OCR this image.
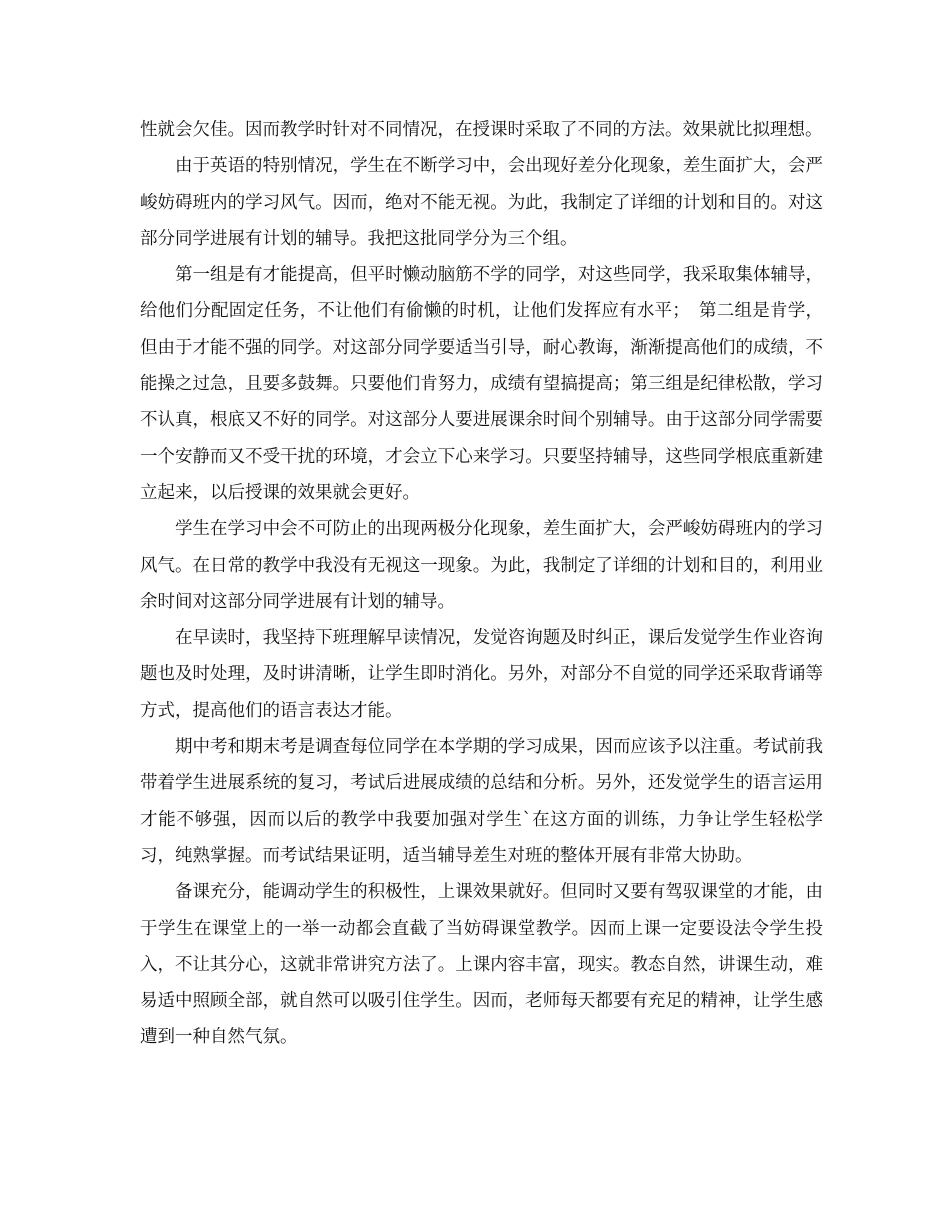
性就会欠佳。因而教学时针对不同情况，在授课时采取了不同的方法。效果就比拟理想。

由于英语的特别情况，学生在不断学习中，会出现好差分化现象，差生面扩大，会严峻妨碍班内的学习风气。因而，绝对不能无视。为此，我制定了详细的计划和目的。对这部分同学进展有计划的辅导。我把这批同学分为三个组。

第一组是有才能提高，但平时懒动脑筋不学的同学，对这些同学，我采取集体辅导，给他们分配固定任务，不让他们有偷懒的时机，让他们发挥应有水平；　第二组是肯学，但由于才能不强的同学。对这部分同学要适当引导，耐心教诲，渐渐提高他们的成绩，不能操之过急，且要多鼓舞。只要他们肯努力，成绩有望搞提高；第三组是纪律松散，学习不认真，根底又不好的同学。对这部分人要进展课余时间个别辅导。由于这部分同学需要一个安静而又不受干扰的环境，才会立下心来学习。只要坚持辅导，这些同学根底重新建立起来，以后授课的效果就会更好。

学生在学习中会不可防止的出现两极分化现象，差生面扩大，会严峻妨碍班内的学习风气。在日常的教学中我没有无视这一现象。为此，我制定了详细的计划和目的，利用业余时间对这部分同学进展有计划的辅导。

在早读时，我坚持下班理解早读情况，发觉咨询题及时纠正，课后发觉学生作业咨询题也及时处理，及时讲清晰，让学生即时消化。另外，对部分不自觉的同学还采取背诵等方式，提高他们的语言表达才能。

期中考和期末考是调查每位同学在本学期的学习成果，因而应该予以注重。考试前我带着学生进展系统的复习，考试后进展成绩的总结和分析。另外，还发觉学生的语言运用才能不够强，因而以后的教学中我要加强对学生`在这方面的训练，力争让学生轻松学习，纯熟掌握。而考试结果证明，适当辅导差生对班的整体开展有非常大协助。

备课充分，能调动学生的积极性，上课效果就好。但同时又要有驾驭课堂的才能，由于学生在课堂上的一举一动都会直截了当妨碍课堂教学。因而上课一定要设法令学生投入，不让其分心，这就非常讲究方法了。上课内容丰富，现实。教态自然，讲课生动，难易适中照顾全部，就自然可以吸引住学生。因而，老师每天都要有充足的精神，让学生感遭到一种自然气氛。
